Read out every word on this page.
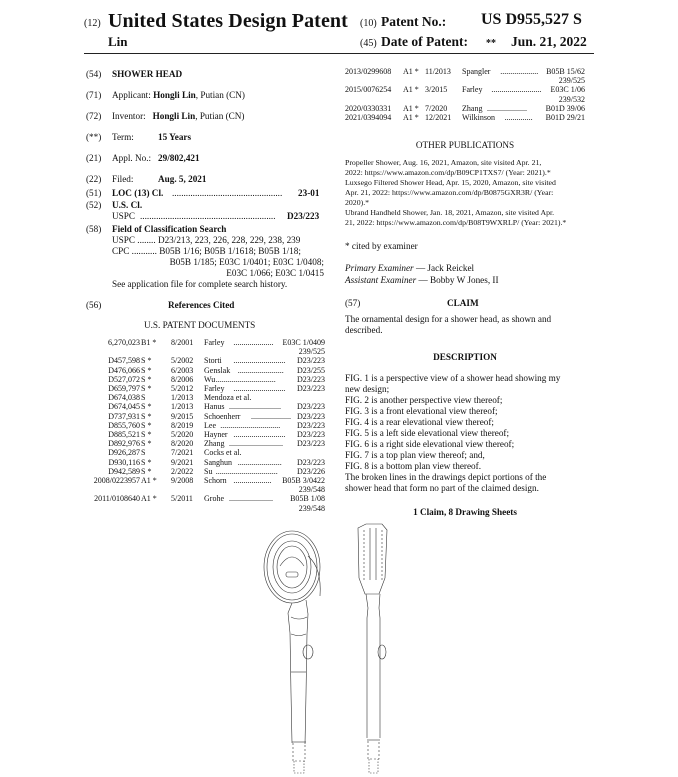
(12) United States Design Patent
Lin
(10) Patent No.: US D955,527 S
(45) Date of Patent: ** Jun. 21, 2022
(54) SHOWER HEAD
(71) Applicant: Hongli Lin, Putian (CN)
(72) Inventor: Hongli Lin, Putian (CN)
(**) Term:	15 Years
(21) Appl. No.: 29/802,421
(22) Filed:	Aug. 5, 2021
(51) LOC (13) Cl. ................................................	23-01
(52) U.S. Cl.
USPC ...........................................................	D23/223
(58) Field of Classification Search
USPC ........ D23/213, 223, 226, 228, 229, 238, 239
CPC ........... B05B 1/16; B05B 1/1618; B05B 1/18;
B05B 1/185; E03C 1/0401; E03C 1/0408;
E03C 1/066; E03C 1/0415
See application file for complete search history.
(56)	References Cited
U.S. PATENT DOCUMENTS
6,270,023 B1 * 8/2001 Farley .................... E03C 1/0409
239/525
D457,598 S * 5/2002 Storti .......................... D23/223
D476,066 S * 6/2003 Genslak ....................... D23/255
D527,072 S * 8/2006 Wu ..............................	D23/223
D659,797 S * 5/2012 Farley .......................... D23/223
D674,038 S	1/2013 Mendoza et al.
D674,045 S * 1/2013 Hanus .......................... D23/223
D737,931 S * 9/2015 Schoenherr .................... D23/223
D855,760 S * 8/2019 Lee .............................. D23/223
D885,521 S * 5/2020 Hayner .......................... D23/223
D892,976 S * 8/2020 Zhang ........................... D23/223
D926,287 S	7/2021 Cocks et al.
D930,116 S * 9/2021 Sanghun ...................... D23/223
D942,589 S * 2/2022 Su ............................... D23/226
2008/0223957 A1 * 9/2008 Schorn ................... B05B 3/0422
239/548
2011/0108640 A1 * 5/2011 Grohe ...................... B05B 1/08
239/548
2013/0299608 A1 * 11/2013 Spangler ................... B05B 15/62
239/525
2015/0076254 A1 * 3/2015 Farley ......................... E03C 1/06
239/532
2020/0330331 A1 * 7/2020 Zhang .................... B01D 39/06
2021/0394094 A1 * 12/2021 Wilkinson .............. B01D 29/21
OTHER PUBLICATIONS
Propeller Shower, Aug. 16, 2021, Amazon, site visited Apr. 21,
2022: https://www.amazon.com/dp/B09CP1TXS7/ (Year: 2021).*
Luxsego Filtered Shower Head, Apr. 15, 2020, Amazon, site visited
Apr. 21, 2022: https://www.amazon.com/dp/B0875GXR3R/ (Year:
2020).*
Ubrand Handheld Shower, Jan. 18, 2021, Amazon, site visited Apr.
21, 2022: https://www.amazon.com/dp/B08T9WXRLP/ (Year: 2021).*
* cited by examiner
Primary Examiner — Jack Reickel
Assistant Examiner — Bobby W Jones, II
(57)	CLAIM
The ornamental design for a shower head, as shown and
described.
DESCRIPTION
FIG. 1 is a perspective view of a shower head showing my
new design;
FIG. 2 is another perspective view thereof;
FIG. 3 is a front elevational view thereof;
FIG. 4 is a rear elevational view thereof;
FIG. 5 is a left side elevational view thereof;
FIG. 6 is a right side elevational view thereof;
FIG. 7 is a top plan view thereof; and,
FIG. 8 is a bottom plan view thereof.
The broken lines in the drawings depict portions of the
shower head that form no part of the claimed design.
1 Claim, 8 Drawing Sheets
